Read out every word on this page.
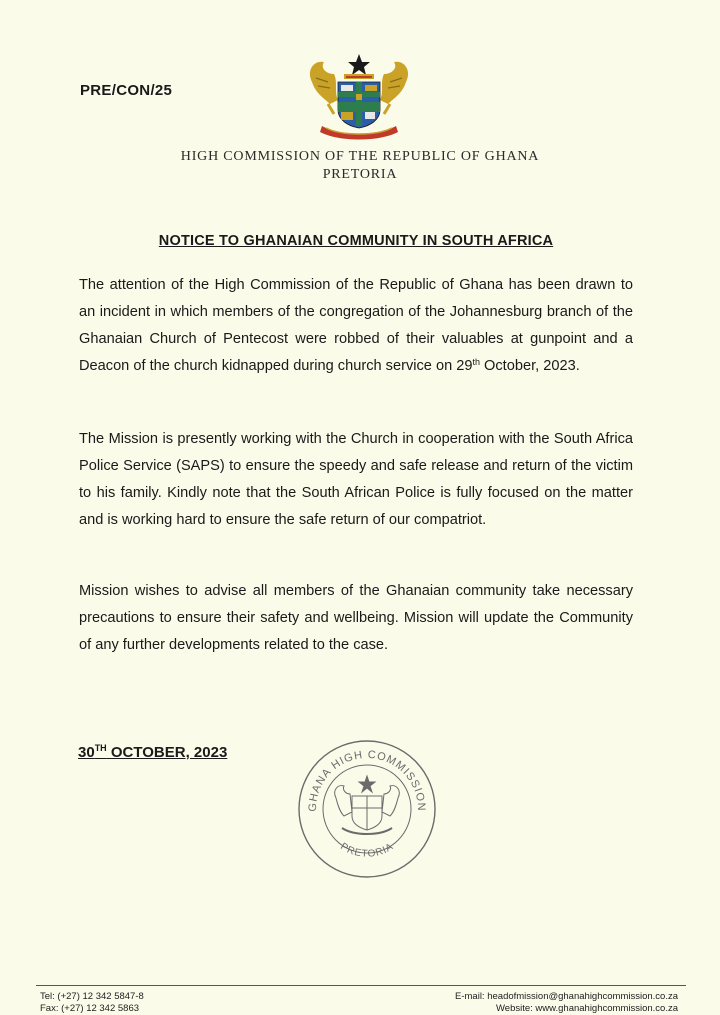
PRE/CON/25
HIGH COMMISSION OF THE REPUBLIC OF GHANA
PRETORIA
NOTICE TO GHANAIAN COMMUNITY IN SOUTH AFRICA
The attention of the High Commission of the Republic of Ghana has been drawn to an incident in which members of the congregation of the Johannesburg branch of the Ghanaian Church of Pentecost were robbed of their valuables at gunpoint and a Deacon of the church kidnapped during church service on 29th October, 2023.
The Mission is presently working with the Church in cooperation with the South Africa Police Service (SAPS) to ensure the speedy and safe release and return of the victim to his family. Kindly note that the South African Police is fully focused on the matter and is working hard to ensure the safe return of our compatriot.
Mission wishes to advise all members of the Ghanaian community take necessary precautions to ensure their safety and wellbeing. Mission will update the Community of any further developments related to the case.
30TH OCTOBER, 2023
GHANA HIGH COMMISSION
PRETORIA
Tel: (+27) 12 342 5847-8
Fax: (+27) 12 342 5863
E-mail: headofmission@ghanahighcommission.co.za
Website: www.ghanahighcommission.co.za
